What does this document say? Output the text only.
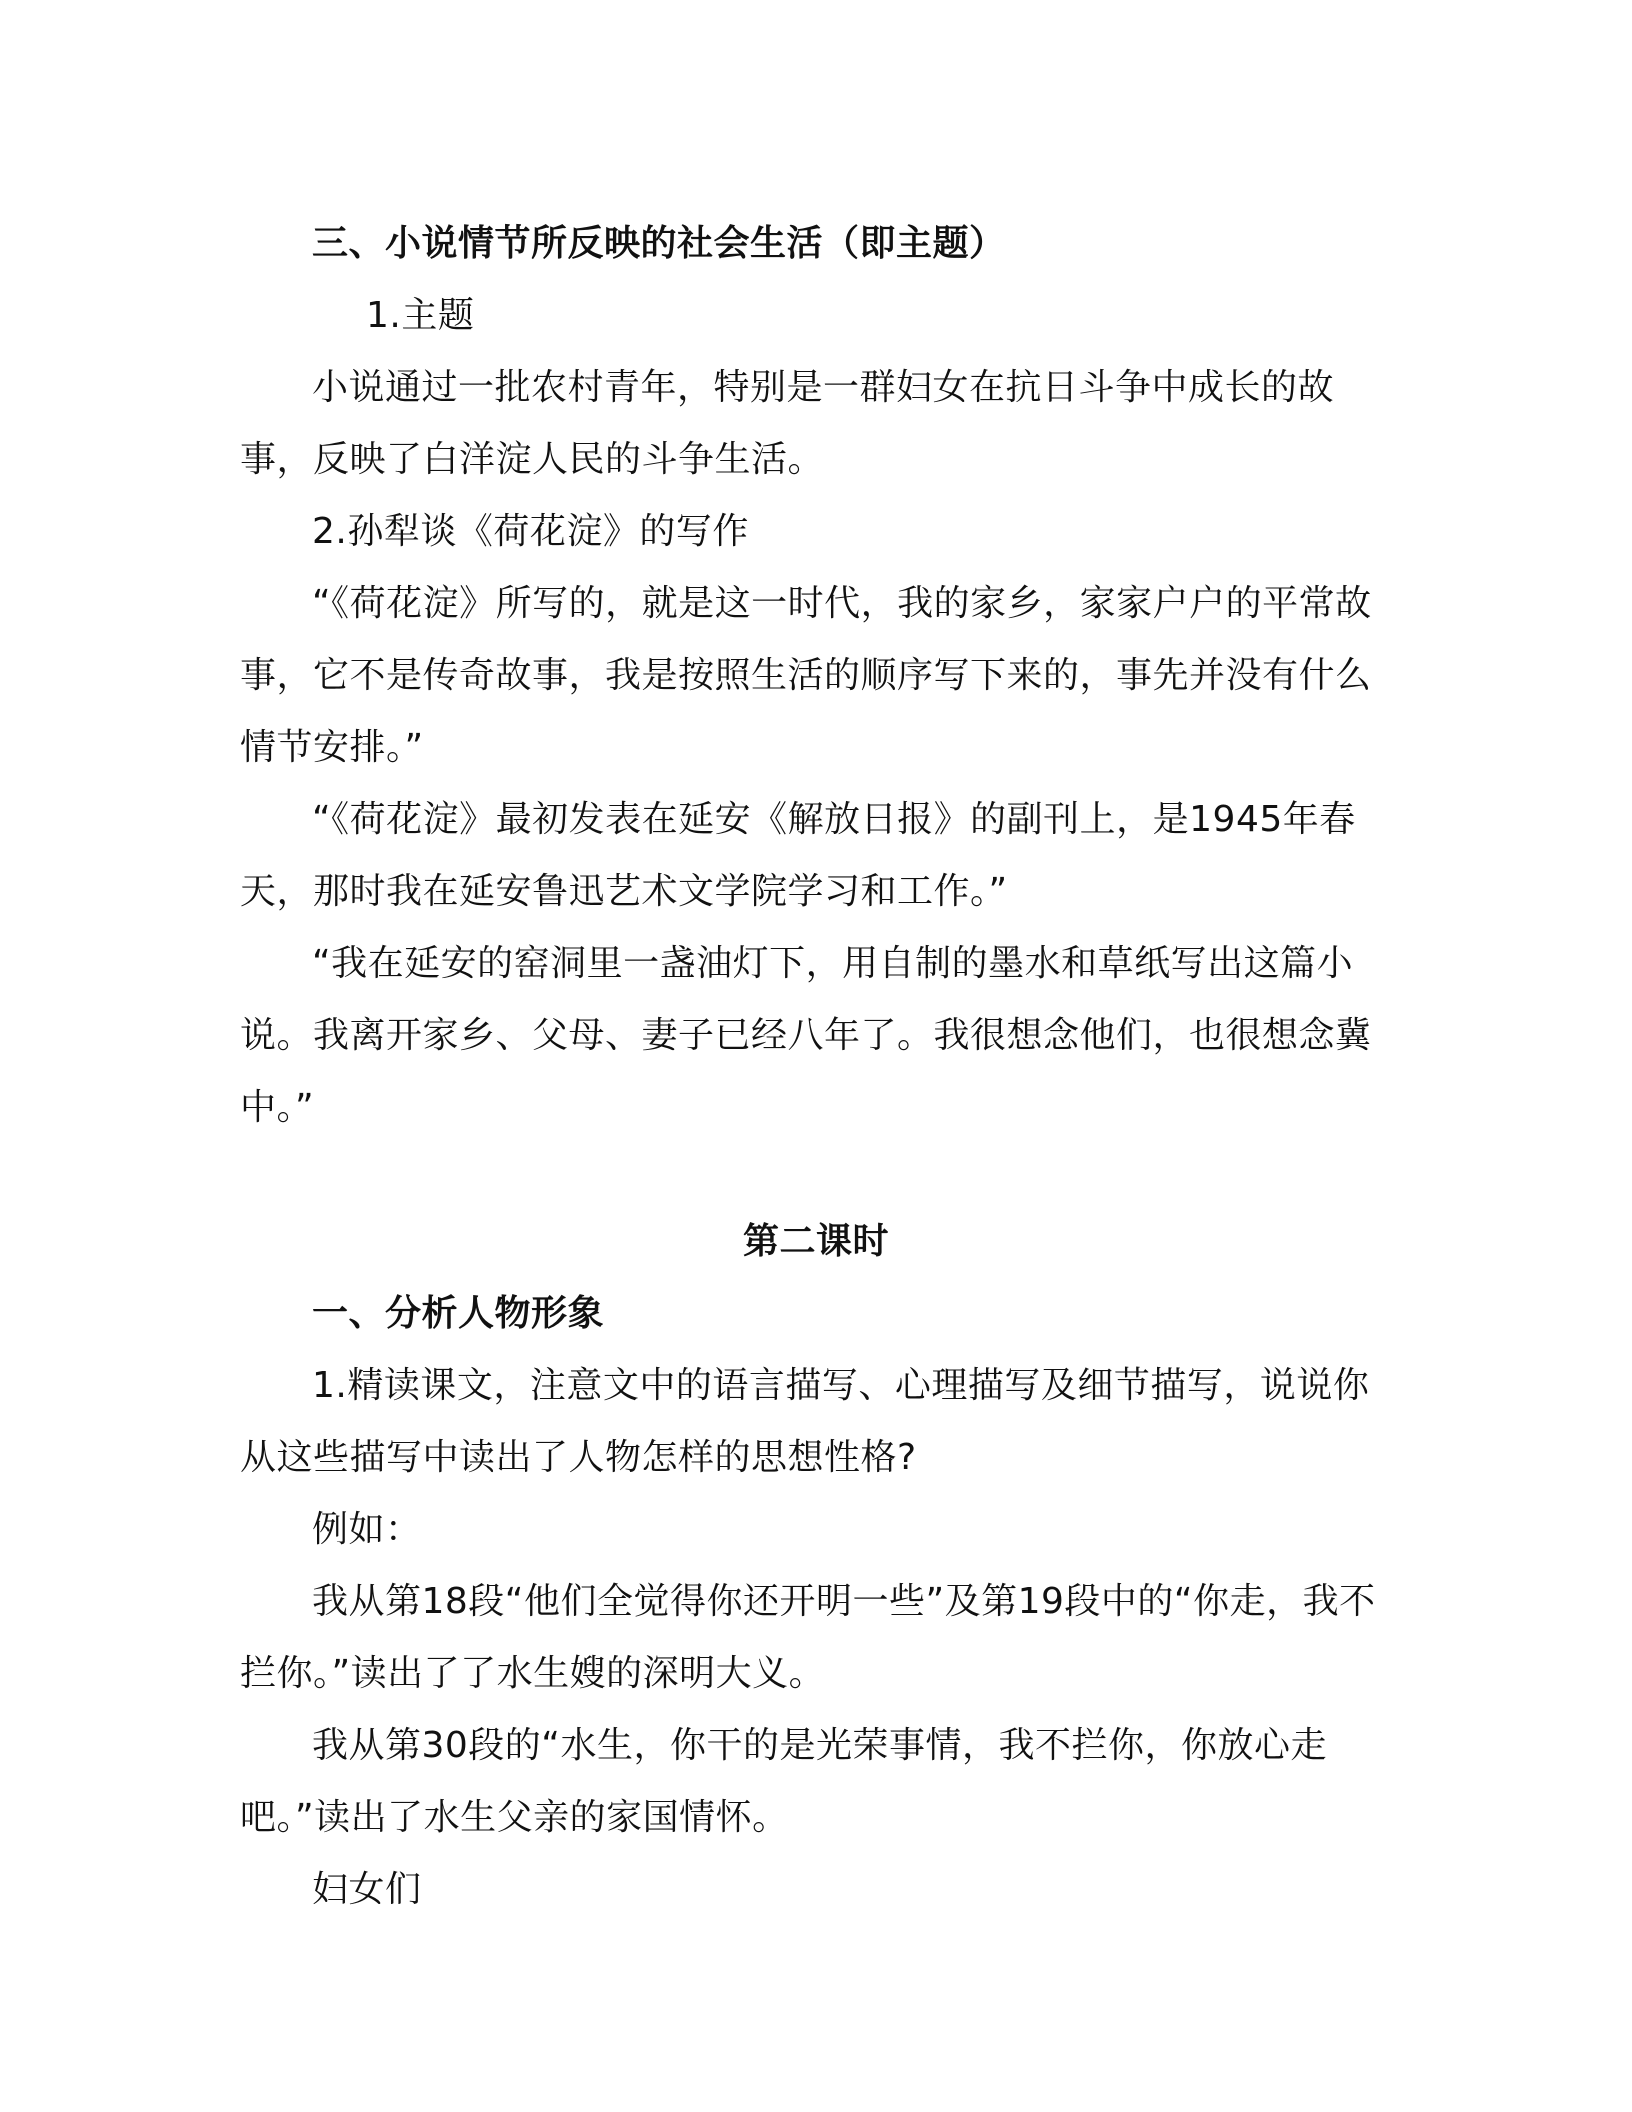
三、小说情节所反映的社会生活（即主题）
1.主题

小说通过一批农村青年，特别是一群妇女在抗日斗争中成长的故事，反映了白洋淀人民的斗争生活。

2.孙犁谈《荷花淀》的写作

“《荷花淀》所写的，就是这一时代，我的家乡，家家户户的平常故事，它不是传奇故事，我是按照生活的顺序写下来的，事先并没有什么情节安排。”

“《荷花淀》最初发表在延安《解放日报》的副刊上，是1945年春天，那时我在延安鲁迅艺术文学院学习和工作。”

“我在延安的窑洞里一盏油灯下，用自制的墨水和草纸写出这篇小说。我离开家乡、父母、妻子已经八年了。我很想念他们，也很想念冀中。”

第二课时
一、分析人物形象

1.精读课文，注意文中的语言描写、心理描写及细节描写，说说你从这些描写中读出了人物怎样的思想性格?

例如：

我从第18段“他们全觉得你还开明一些”及第19段中的“你走，我不拦你。”读出了了水生嫂的深明大义。

我从第30段的“水生，你干的是光荣事情，我不拦你，你放心走吧。”读出了水生父亲的家国情怀。

妇女们
